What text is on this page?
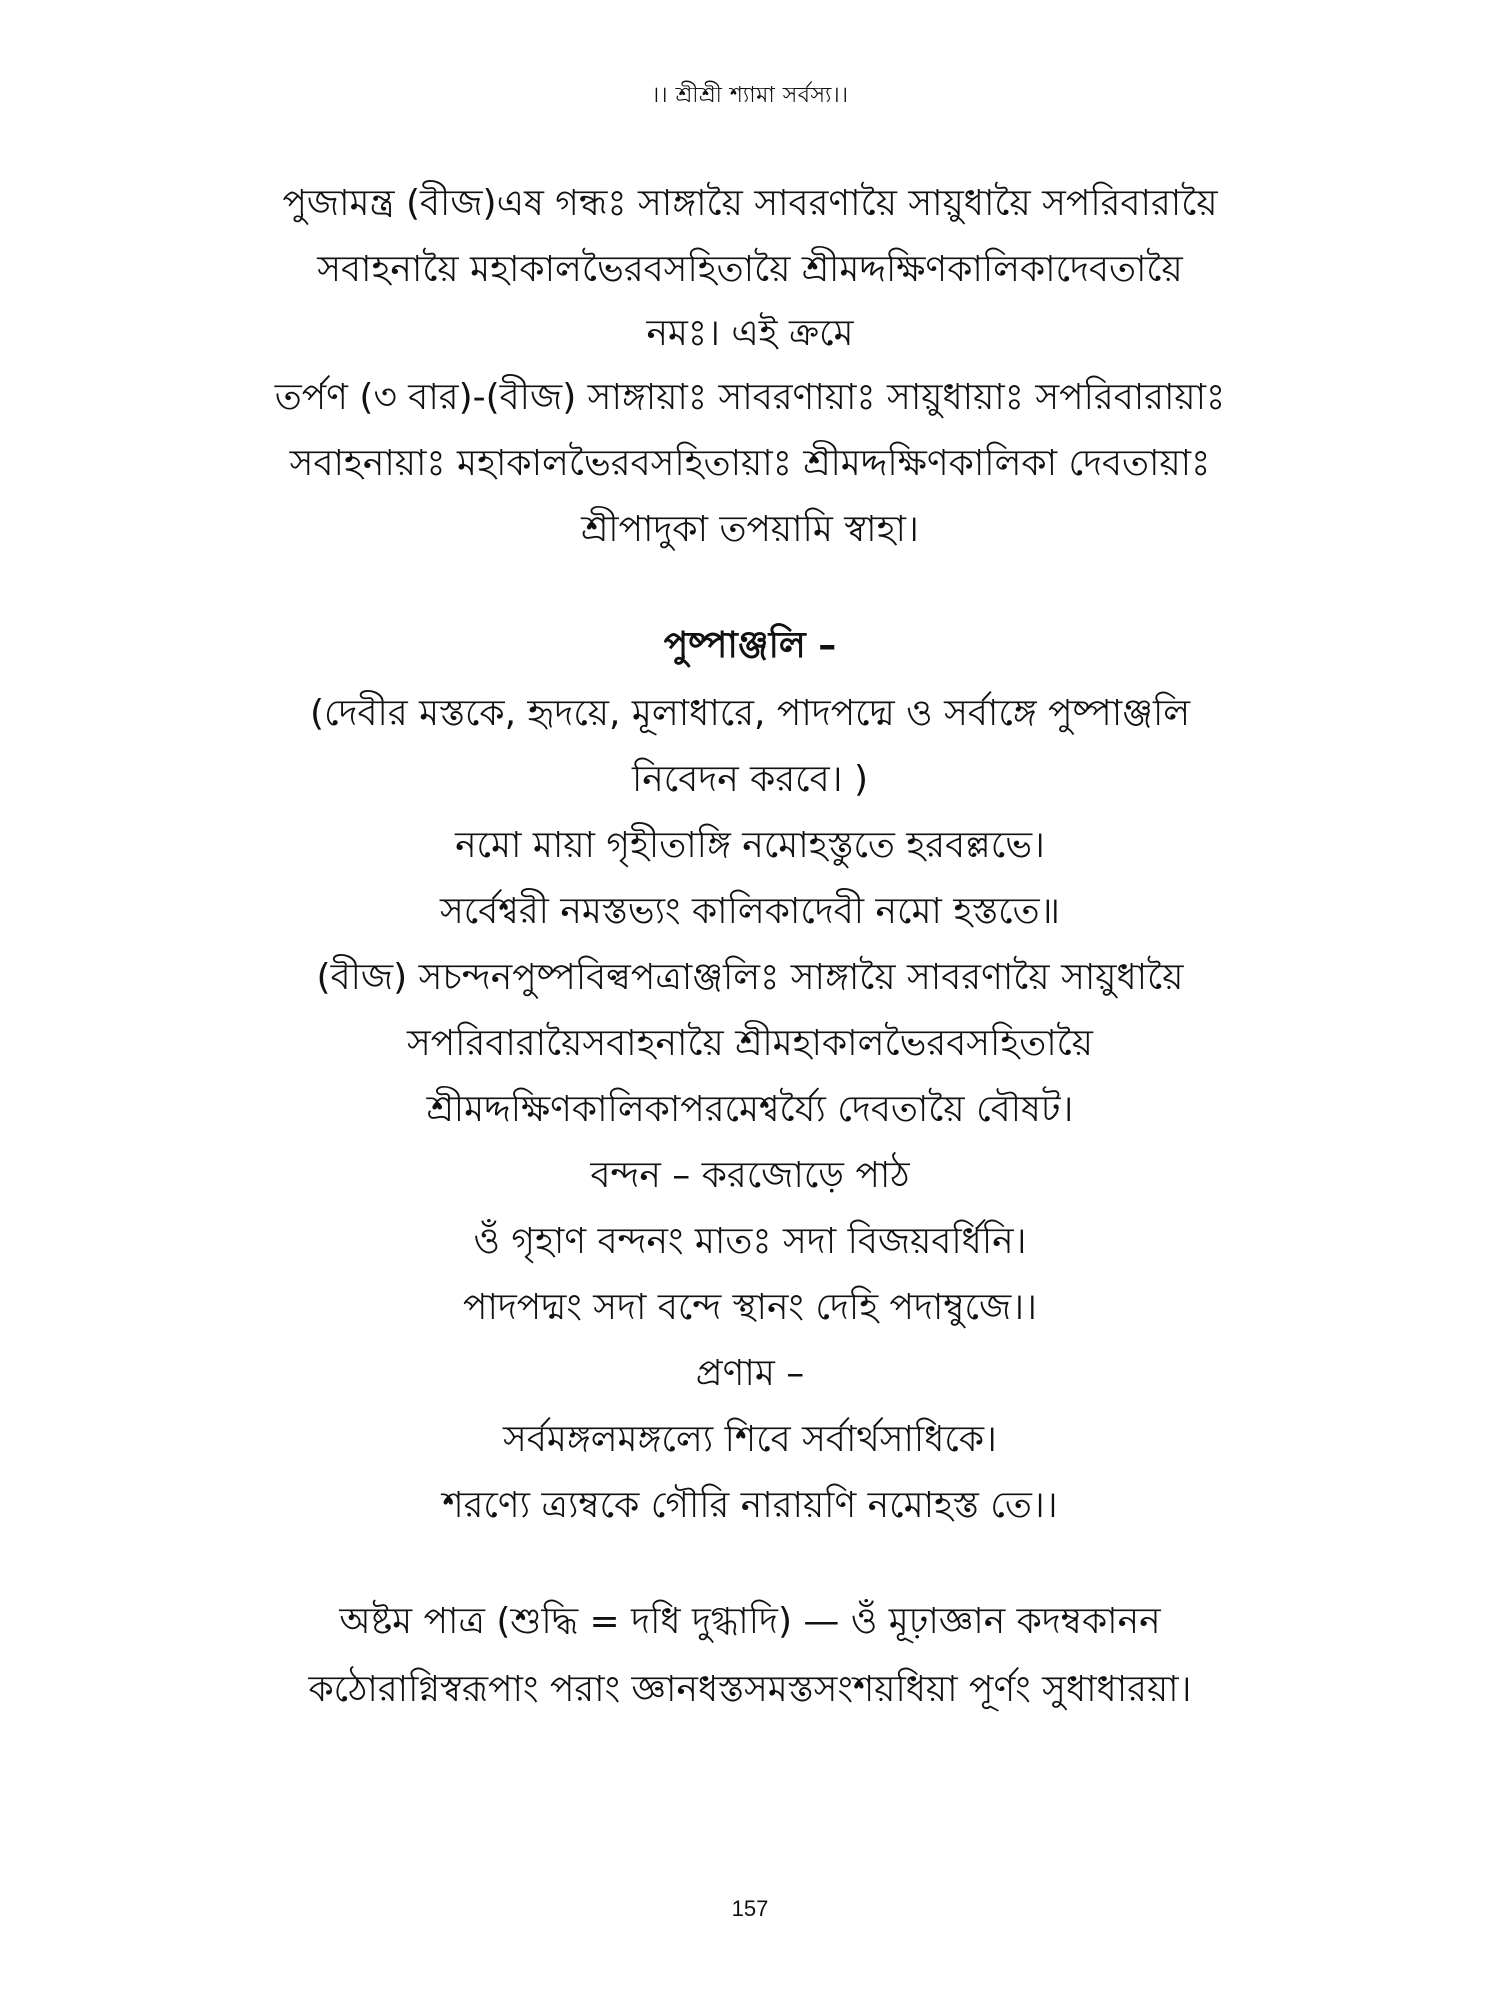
।। শ্রীশ্রী শ্যামা সর্বস্য।।
পুজামন্ত্র (বীজ)এষ গন্ধঃ সাঙ্গায়ৈ সাবরণায়ৈ সায়ুধায়ৈ সপরিবারায়ৈ
সবাহনায়ৈ মহাকালভৈরবসহিতায়ৈ শ্রীমদ্দক্ষিণকালিকাদেবতায়ৈ
নমঃ। এই ক্রমে
তর্পণ (৩ বার)-(বীজ) সাঙ্গায়াঃ সাবরণায়াঃ সায়ুধায়াঃ সপরিবারায়াঃ
সবাহনায়াঃ মহাকালভৈরবসহিতায়াঃ শ্রীমদ্দক্ষিণকালিকা দেবতায়াঃ
শ্রীপাদুকা তপয়ামি স্বাহা।
পুষ্পাঞ্জলি –
(দেবীর মস্তকে, হৃদয়ে, মূলাধারে, পাদপদ্মে ও সর্বাঙ্গে পুষ্পাঞ্জলি
নিবেদন করবে। )
নমো মায়া গৃহীতাঙ্গি নমোহস্তুতে হরবল্লভে।
সর্বেশ্বরী নমস্তভ্যং কালিকাদেবী নমো হস্ততে॥
(বীজ) সচন্দনপুষ্পবিল্বপত্রাঞ্জলিঃ সাঙ্গায়ৈ সাবরণায়ৈ সায়ুধায়ৈ
সপরিবারায়ৈসবাহনায়ৈ শ্রীমহাকালভৈরবসহিতায়ৈ
শ্রীমদ্দক্ষিণকালিকাপরমেশ্বর্য্যৈ দেবতায়ৈ বৌষট।
বন্দন – করজোড়ে পাঠ
ওঁ গৃহাণ বন্দনং মাতঃ সদা বিজয়বর্ধিনি।
পাদপদ্মং সদা বন্দে স্থানং দেহি পদাম্বুজে।।
প্রণাম –
সর্বমঙ্গলমঙ্গল্যে শিবে সর্বার্থসাধিকে।
শরণ্যে ত্র্যম্বকে গৌরি নারায়ণি নমোহস্ত তে।।
অষ্টম পাত্র (শুদ্ধি = দধি দুগ্ধাদি) — ওঁ মূঢ়াজ্ঞান কদম্বকানন
কঠোরাগ্নিস্বরূপাং পরাং জ্ঞানধস্তসমস্তসংশয়ধিয়া পূর্ণং সুধাধারয়া।
157
